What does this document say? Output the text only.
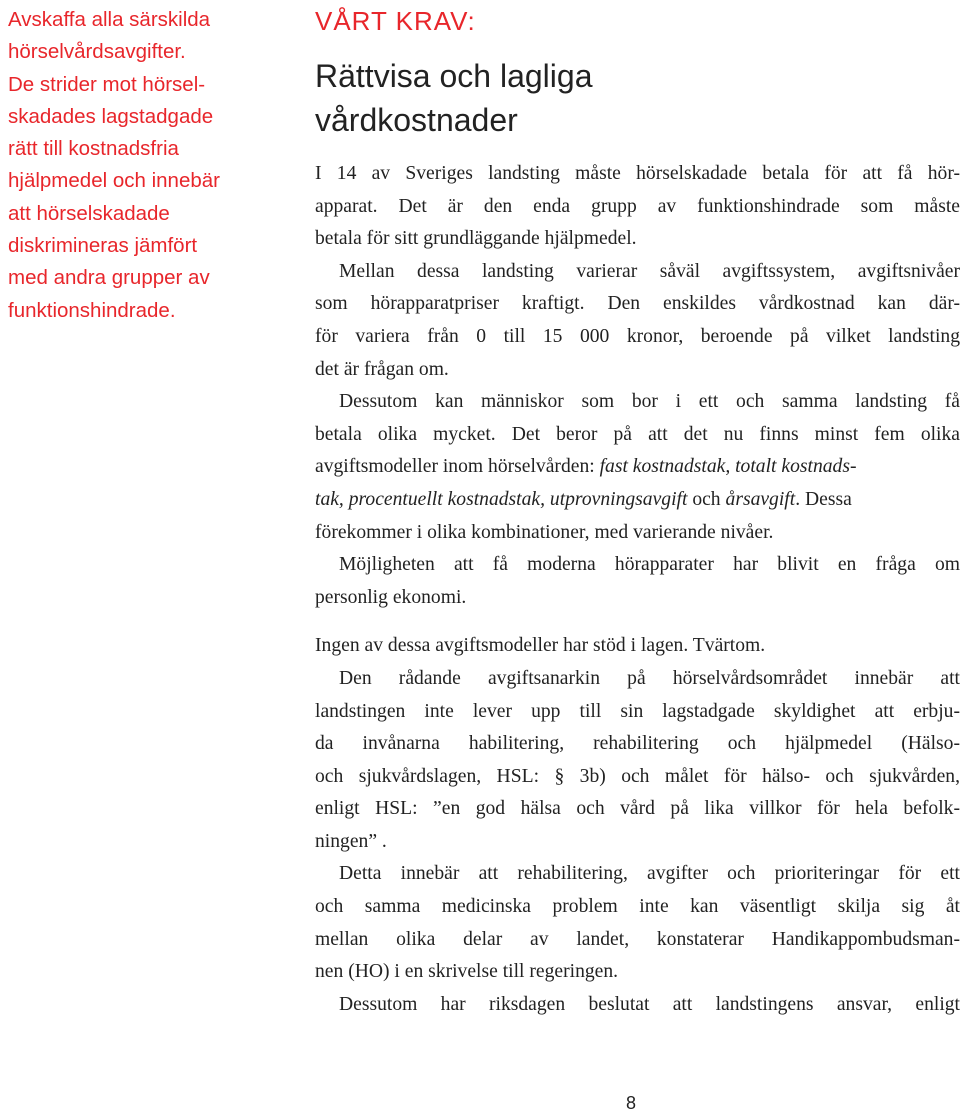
Avskaffa alla särskilda
hörselvårdsavgifter.
De strider mot hörsel-
skadades lagstadgade
rätt till kostnadsfria
hjälpmedel och innebär
att hörselskadade
diskrimineras jämfört
med andra grupper av
funktionshindrade.
VÅRT KRAV:
Rättvisa och lagliga
vårdkostnader
I 14 av Sveriges landsting måste hörselskadade betala för att få hör-
apparat. Det är den enda grupp av funktionshindrade som måste
betala för sitt grundläggande hjälpmedel.
Mellan dessa landsting varierar såväl avgiftssystem, avgiftsnivåer
som hörapparatpriser kraftigt. Den enskildes vårdkostnad kan där-
för variera från 0 till 15 000 kronor, beroende på vilket landsting
det är frågan om.
Dessutom kan människor som bor i ett och samma landsting få
betala olika mycket. Det beror på att det nu finns minst fem olika
avgiftsmodeller inom hörselvården: fast kostnadstak, totalt kostnads-
tak, procentuellt kostnadstak, utprovningsavgift och årsavgift. Dessa
förekommer i olika kombinationer, med varierande nivåer.
Möjligheten att få moderna hörapparater har blivit en fråga om
personlig ekonomi.
Ingen av dessa avgiftsmodeller har stöd i lagen. Tvärtom.
Den rådande avgiftsanarkin på hörselvårdsområdet innebär att
landstingen inte lever upp till sin lagstadgade skyldighet att erbju-
da invånarna habilitering, rehabilitering och hjälpmedel (Hälso-
och sjukvårdslagen, HSL: § 3b) och målet för hälso- och sjukvården,
enligt HSL: ”en god hälsa och vård på lika villkor för hela befolk-
ningen” .
Detta innebär att rehabilitering, avgifter och prioriteringar för ett
och samma medicinska problem inte kan väsentligt skilja sig åt
mellan olika delar av landet, konstaterar Handikappombudsman-
nen (HO) i en skrivelse till regeringen.
Dessutom har riksdagen beslutat att landstingens ansvar, enligt
8
